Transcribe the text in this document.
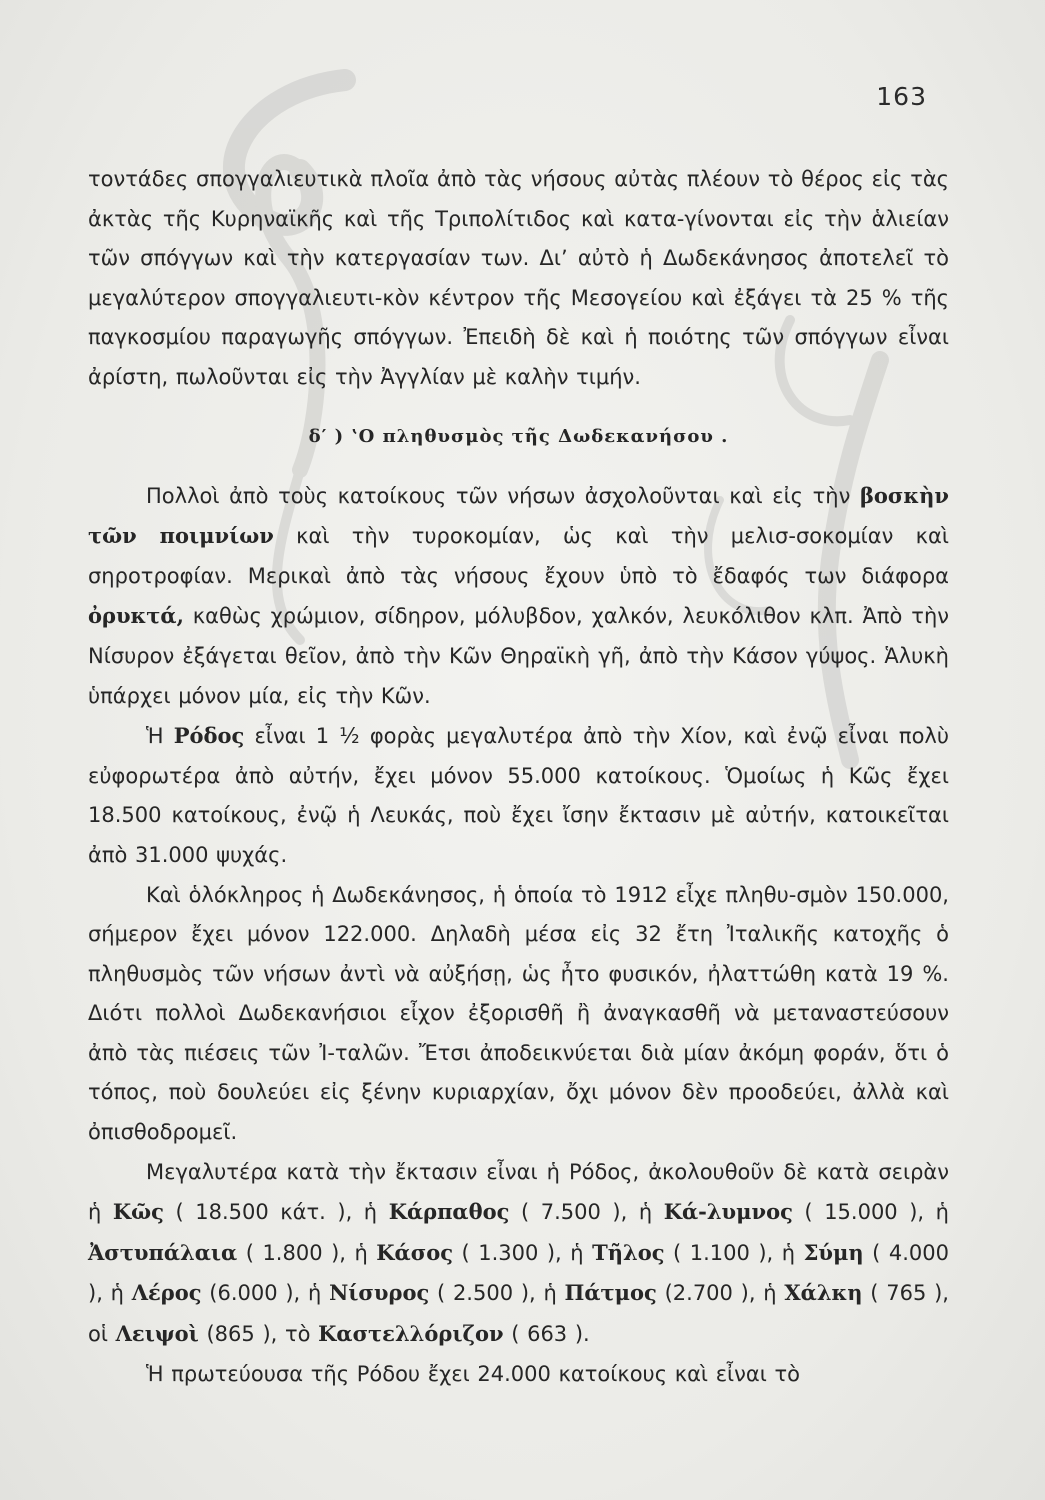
163

τοντάδες σπογγαλιευτικὰ πλοῖα ἀπὸ τὰς νήσους αὐτὰς πλέουν τὸ θέρος εἰς τὰς ἀκτὰς τῆς Κυρηναϊκῆς καὶ τῆς Τριπολίτιδος καὶ κατα-γίνονται εἰς τὴν ἁλιείαν τῶν σπόγγων καὶ τὴν κατεργασίαν των. Διʼ αὐτὸ ἡ Δωδεκάνησος ἀποτελεῖ τὸ μεγαλύτερον σπογγαλιευτι-κὸν κέντρον τῆς Μεσογείου καὶ ἐξάγει τὰ 25 % τῆς παγκοσμίου παραγωγῆς σπόγγων. Ἐπειδὴ δὲ καὶ ἡ ποιότης τῶν σπόγγων εἶναι ἀρίστη, πωλοῦνται εἰς τὴν Ἀγγλίαν μὲ καλὴν τιμήν.

δ′ ) ʽΟ πληθυσμὸς τῆς Δωδεκανήσου .

Πολλοὶ ἀπὸ τοὺς κατοίκους τῶν νήσων ἀσχολοῦνται καὶ εἰς τὴν βοσκὴν τῶν ποιμνίων καὶ τὴν τυροκομίαν, ὡς καὶ τὴν μελισ-σοκομίαν καὶ σηροτροφίαν. Μερικαὶ ἀπὸ τὰς νήσους ἔχουν ὑπὸ τὸ ἔδαφός των διάφορα ὀρυκτά, καθὼς χρώμιον, σίδηρον, μόλυβδον, χαλκόν, λευκόλιθον κλπ. Ἀπὸ τὴν Νίσυρον ἐξάγεται θεῖον, ἀπὸ τὴν Κῶν Θηραϊκὴ γῆ, ἀπὸ τὴν Κάσον γύψος. Ἁλυκὴ ὑπάρχει μόνον μία, εἰς τὴν Κῶν.

Ἡ Ρόδος εἶναι 1 ½ φορὰς μεγαλυτέρα ἀπὸ τὴν Χίον, καὶ ἐνῷ εἶναι πολὺ εὐφορωτέρα ἀπὸ αὐτήν, ἔχει μόνον 55.000 κατοίκους. Ὁμοίως ἡ Κῶς ἔχει 18.500 κατοίκους, ἐνῷ ἡ Λευκάς, ποὺ ἔχει ἴσην ἔκτασιν μὲ αὐτήν, κατοικεῖται ἀπὸ 31.000 ψυχάς.

Καὶ ὁλόκληρος ἡ Δωδεκάνησος, ἡ ὁποία τὸ 1912 εἶχε πληθυ-σμὸν 150.000, σήμερον ἔχει μόνον 122.000. Δηλαδὴ μέσα εἰς 32 ἔτη Ἰταλικῆς κατοχῆς ὁ πληθυσμὸς τῶν νήσων ἀντὶ νὰ αὐξήσῃ, ὡς ἦτο φυσικόν, ἠλαττώθη κατὰ 19 %. Διότι πολλοὶ Δωδεκανήσιοι εἶχον ἐξορισθῆ ἢ ἀναγκασθῆ νὰ μεταναστεύσουν ἀπὸ τὰς πιέσεις τῶν Ἰ-ταλῶν. Ἔτσι ἀποδεικνύεται διὰ μίαν ἀκόμη φοράν, ὅτι ὁ τόπος, ποὺ δουλεύει εἰς ξένην κυριαρχίαν, ὄχι μόνον δὲν προοδεύει, ἀλλὰ καὶ ὀπισθοδρομεῖ.

Μεγαλυτέρα κατὰ τὴν ἔκτασιν εἶναι ἡ Ρόδος, ἀκολουθοῦν δὲ κατὰ σειρὰν ἡ Κῶς ( 18.500 κάτ. ), ἡ Κάρπαθος ( 7.500 ), ἡ Κά-λυμνος ( 15.000 ), ἡ Ἀστυπάλαια ( 1.800 ), ἡ Κάσος ( 1.300 ), ἡ Τῆλος ( 1.100 ), ἡ Σύμη ( 4.000 ), ἡ Λέρος (6.000 ), ἡ Νίσυρος ( 2.500 ), ἡ Πάτμος (2.700 ), ἡ Χάλκη ( 765 ), οἱ Λειψοὶ (865 ), τὸ Καστελλόριζον ( 663 ).

Ἡ πρωτεύουσα τῆς Ρόδου ἔχει 24.000 κατοίκους καὶ εἶναι τὸ
